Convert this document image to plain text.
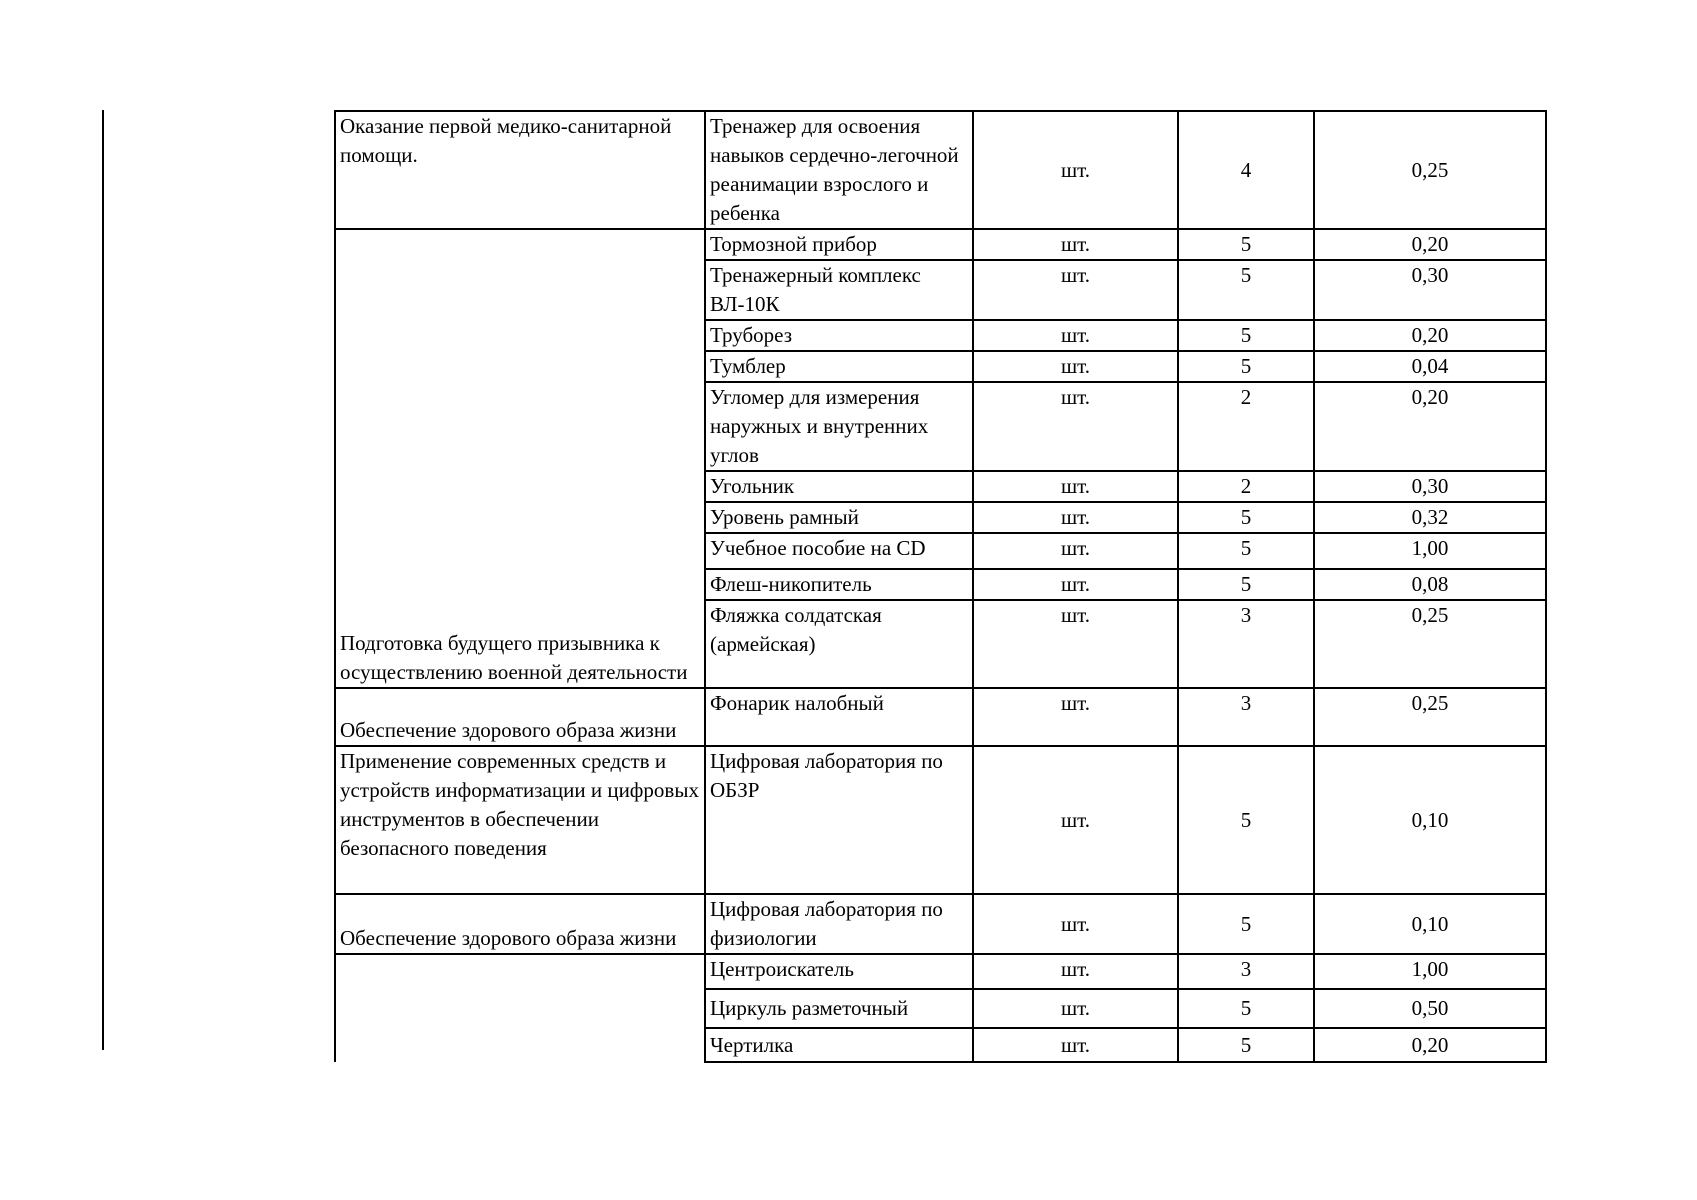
Оказание первой медико-санитарной помощи.	Тренажер для освоения навыков сердечно-легочной реанимации взрослого и ребенка	шт.	4	0,25
Подготовка будущего призывника к осуществлению военной деятельности	Тормозной прибор	шт.	5	0,20
	Тренажерный комплекс ВЛ-10К	шт.	5	0,30
	Труборез	шт.	5	0,20
	Тумблер	шт.	5	0,04
	Угломер для измерения наружных и внутренних углов	шт.	2	0,20
	Угольник	шт.	2	0,30
	Уровень рамный	шт.	5	0,32
	Учебное пособие на CD	шт.	5	1,00
	Флеш-никопитель	шт.	5	0,08
	Фляжка солдатская (армейская)	шт.	3	0,25
Обеспечение здорового образа жизни	Фонарик налобный	шт.	3	0,25
Применение современных средств и устройств информатизации и цифровых инструментов в обеспечении безопасного поведения	Цифровая лаборатория по ОБЗР	шт.	5	0,10
Обеспечение здорового образа жизни	Цифровая лаборатория по физиологии	шт.	5	0,10
	Центроискатель	шт.	3	1,00
	Циркуль разметочный	шт.	5	0,50
	Чертилка	шт.	5	0,20
